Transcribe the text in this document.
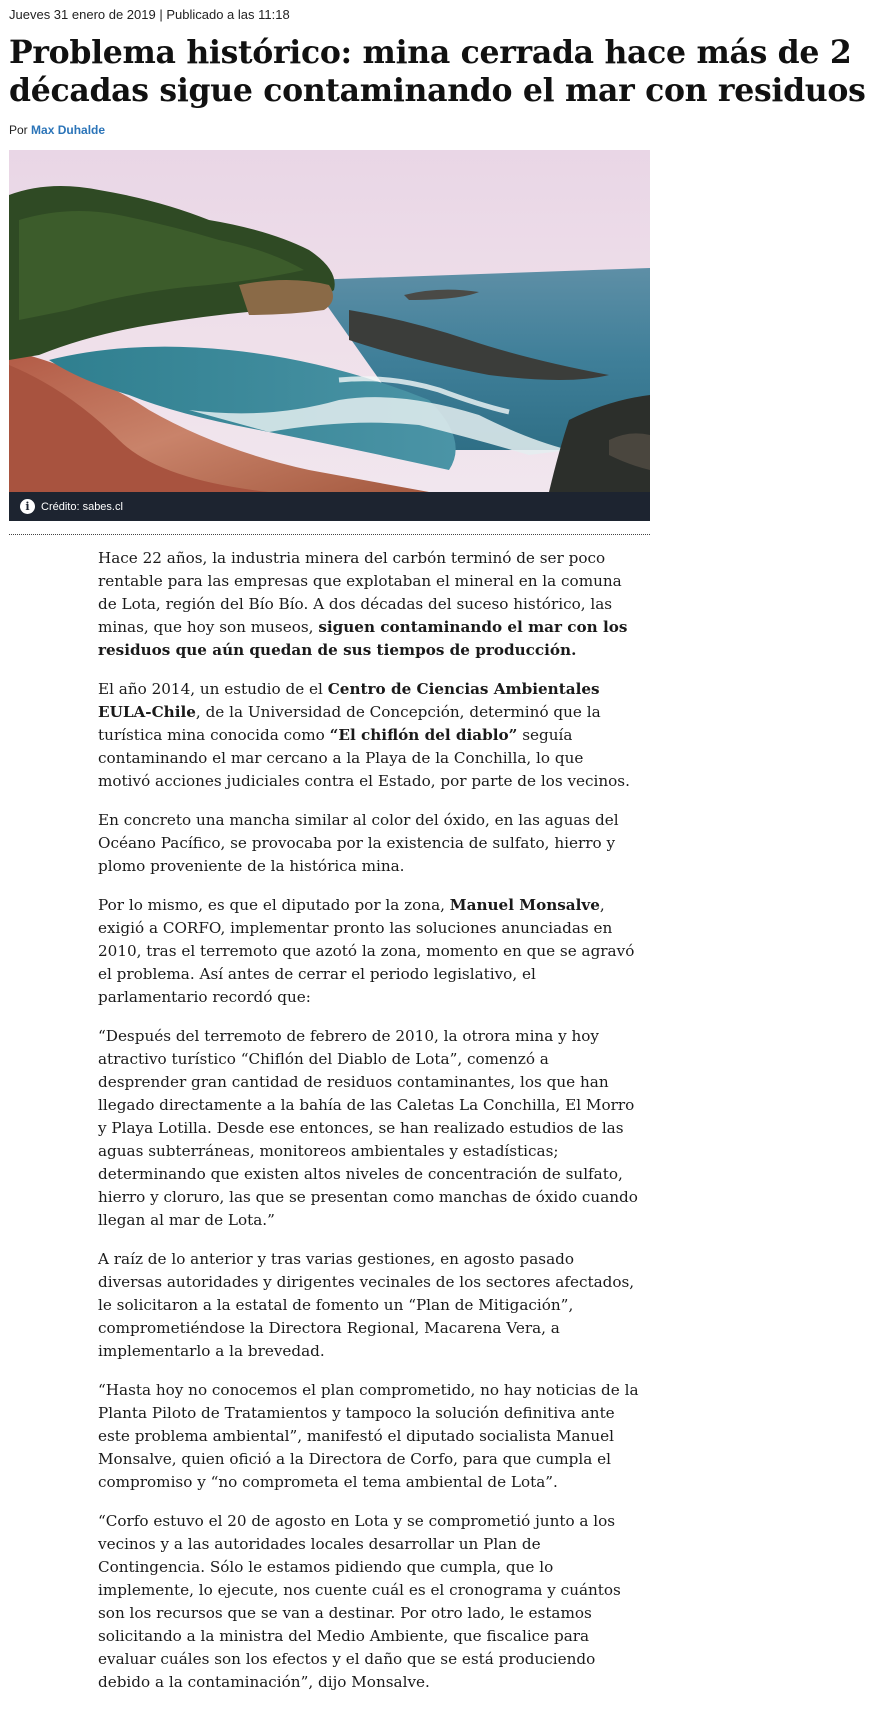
Jueves 31 enero de 2019 | Publicado a las 11:18
Problema histórico: mina cerrada hace más de 2 décadas sigue contaminando el mar con residuos
Por Max Duhalde
i	Crédito: sabes.cl

Hace 22 años, la industria minera del carbón terminó de ser poco rentable para las empresas que explotaban el mineral en la comuna de Lota, región del Bío Bío. A dos décadas del suceso histórico, las minas, que hoy son museos, siguen contaminando el mar con los residuos que aún quedan de sus tiempos de producción.

El año 2014, un estudio de el Centro de Ciencias Ambientales EULA-Chile, de la Universidad de Concepción, determinó que la turística mina conocida como “El chiflón del diablo” seguía contaminando el mar cercano a la Playa de la Conchilla, lo que motivó acciones judiciales contra el Estado, por parte de los vecinos.

En concreto una mancha similar al color del óxido, en las aguas del Océano Pacífico, se provocaba por la existencia de sulfato, hierro y plomo proveniente de la histórica mina.

Por lo mismo, es que el diputado por la zona, Manuel Monsalve, exigió a CORFO, implementar pronto las soluciones anunciadas en 2010, tras el terremoto que azotó la zona, momento en que se agravó el problema. Así antes de cerrar el periodo legislativo, el parlamentario recordó que:

“Después del terremoto de febrero de 2010, la otrora mina y hoy atractivo turístico “Chiflón del Diablo de Lota”, comenzó a desprender gran cantidad de residuos contaminantes, los que han llegado directamente a la bahía de las Caletas La Conchilla, El Morro y Playa Lotilla. Desde ese entonces, se han realizado estudios de las aguas subterráneas, monitoreos ambientales y estadísticas; determinando que existen altos niveles de concentración de sulfato, hierro y cloruro, las que se presentan como manchas de óxido cuando llegan al mar de Lota.”

A raíz de lo anterior y tras varias gestiones, en agosto pasado diversas autoridades y dirigentes vecinales de los sectores afectados, le solicitaron a la estatal de fomento un “Plan de Mitigación”, comprometiéndose la Directora Regional, Macarena Vera, a implementarlo a la brevedad.

“Hasta hoy no conocemos el plan comprometido, no hay noticias de la Planta Piloto de Tratamientos y tampoco la solución definitiva ante este problema ambiental”, manifestó el diputado socialista Manuel Monsalve, quien ofició a la Directora de Corfo, para que cumpla el compromiso y “no comprometa el tema ambiental de Lota”.

“Corfo estuvo el 20 de agosto en Lota y se comprometió junto a los vecinos y a las autoridades locales desarrollar un Plan de Contingencia. Sólo le estamos pidiendo que cumpla, que lo implemente, lo ejecute, nos cuente cuál es el cronograma y cuántos son los recursos que se van a destinar. Por otro lado, le estamos solicitando a la ministra del Medio Ambiente, que fiscalice para evaluar cuáles son los efectos y el daño que se está produciendo debido a la contaminación”, dijo Monsalve.
